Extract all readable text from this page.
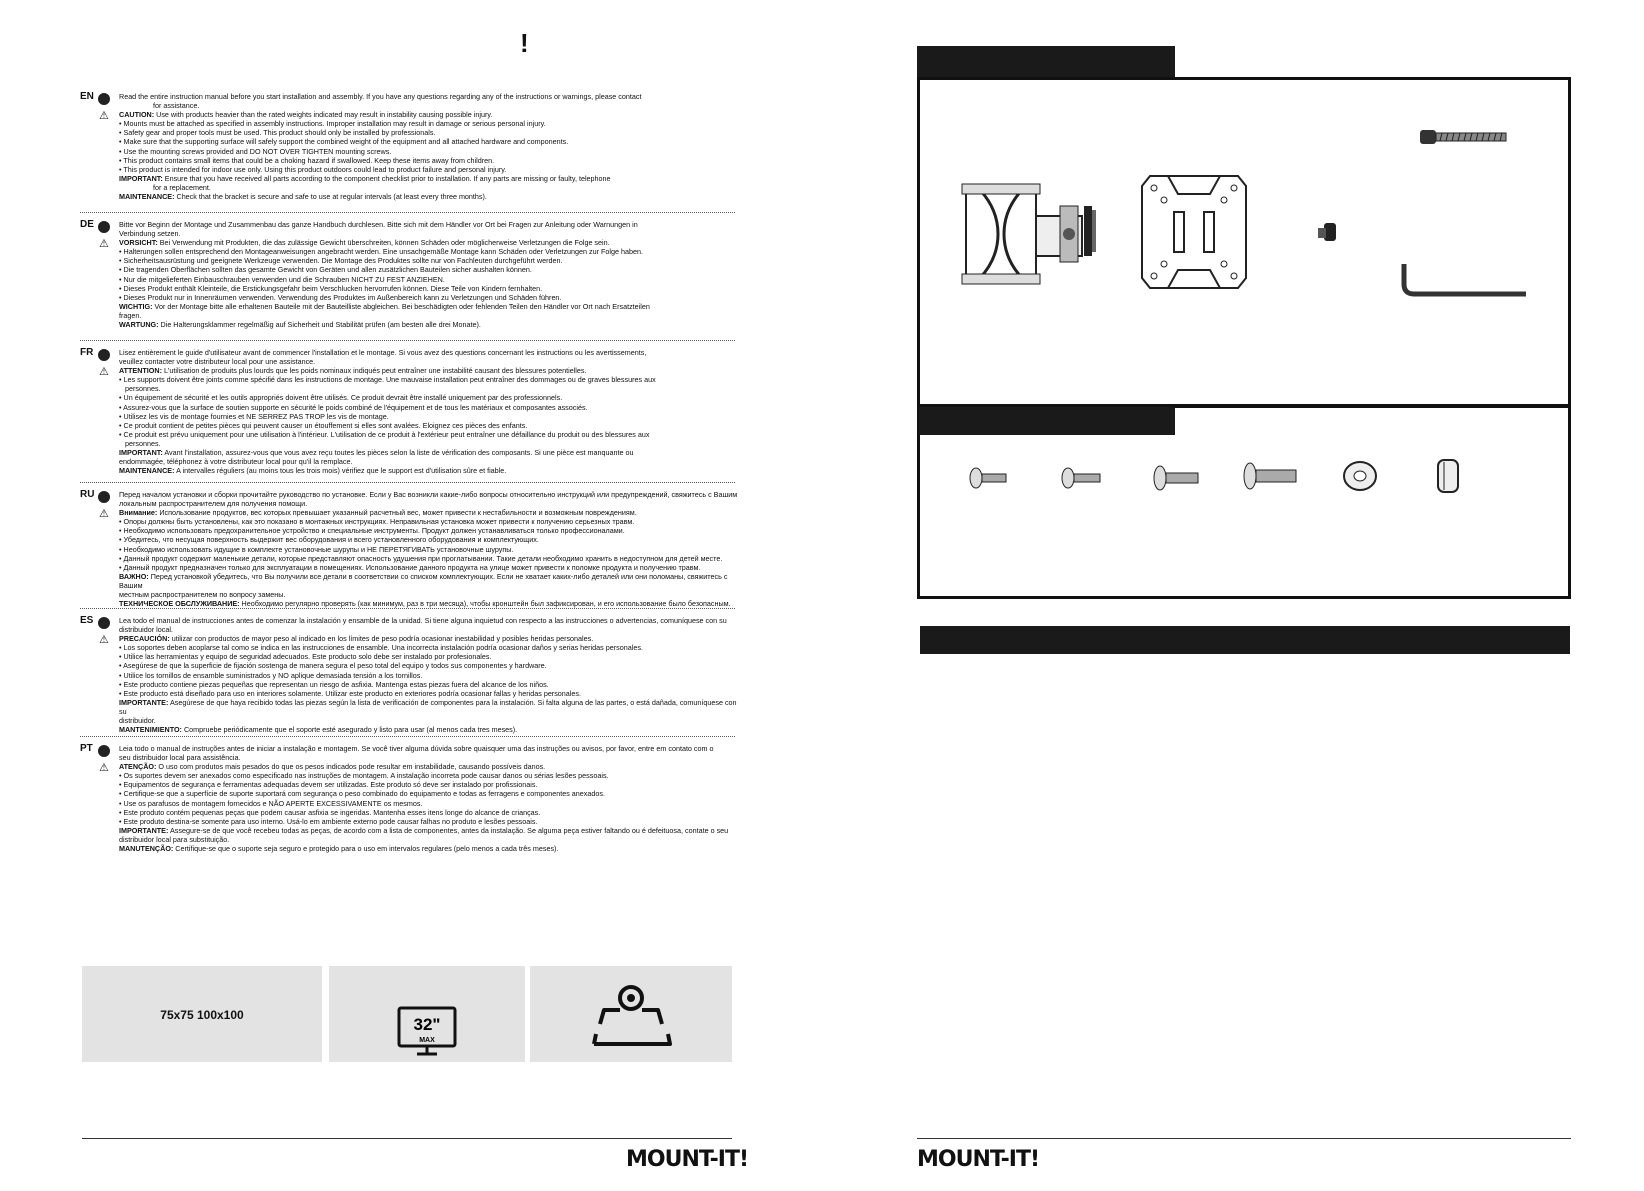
!
EN
⚠

Read the entire instruction manual before you start installation and assembly. If you have any questions regarding any of the instructions or warnings, please contact

for assistance.

CAUTION: Use with products heavier than the rated weights indicated may result in instability causing possible injury.

• Mounts must be attached as specified in assembly instructions. Improper installation may result in damage or serious personal injury.

• Safety gear and proper tools must be used. This product should only be installed by professionals.

• Make sure that the supporting surface will safely support the combined weight of the equipment and all attached hardware and components.

• Use the mounting screws provided and DO NOT OVER TIGHTEN mounting screws.

• This product contains small items that could be a choking hazard if swallowed. Keep these items away from children.

• This product is intended for indoor use only. Using this product outdoors could lead to product failure and personal injury.

IMPORTANT: Ensure that you have received all parts according to the component checklist prior to installation. If any parts are missing or faulty, telephone

for a replacement.

MAINTENANCE: Check that the bracket is secure and safe to use at regular intervals (at least every three months).

DE
⚠

Bitte vor Beginn der Montage und Zusammenbau das ganze Handbuch durchlesen. Bitte sich mit dem Händler vor Ort bei Fragen zur Anleitung oder Warnungen in

Verbindung setzen.

VORSICHT: Bei Verwendung mit Produkten, die das zulässige Gewicht überschreiten, können Schäden oder möglicherweise Verletzungen die Folge sein.

• Halterungen sollen entsprechend den Montageanweisungen angebracht werden. Eine unsachgemäße Montage kann Schäden oder Verletzungen zur Folge haben.

• Sicherheitsausrüstung und geeignete Werkzeuge verwenden. Die Montage des Produktes sollte nur von Fachleuten durchgeführt werden.

• Die tragenden Oberflächen sollten das gesamte Gewicht von Geräten und allen zusätzlichen Bauteilen sicher aushalten können.

• Nur die mitgelieferten Einbauschrauben verwenden und die Schrauben NICHT ZU FEST ANZIEHEN.

• Dieses Produkt enthält Kleinteile, die Erstickungsgefahr beim Verschlucken hervorrufen können. Diese Teile von Kindern fernhalten.

• Dieses Produkt nur in Innenräumen verwenden. Verwendung des Produktes im Außenbereich kann zu Verletzungen und Schäden führen.

WICHTIG: Vor der Montage bitte alle erhaltenen Bauteile mit der Bauteilliste abgleichen. Bei beschädigten oder fehlenden Teilen den Händler vor Ort nach Ersatzteilen

fragen.

WARTUNG: Die Halterungsklammer regelmäßig auf Sicherheit und Stabilität prüfen (am besten alle drei Monate).

FR
⚠

Lisez entièrement le guide d'utilisateur avant de commencer l'installation et le montage. Si vous avez des questions concernant les instructions ou les avertissements,

veuillez contacter votre distributeur local pour une assistance.

ATTENTION: L'utilisation de produits plus lourds que les poids nominaux indiqués peut entraîner une instabilité causant des blessures potentielles.

• Les supports doivent être joints comme spécifié dans les instructions de montage. Une mauvaise installation peut entraîner des dommages ou de graves blessures aux

personnes.

• Un équipement de sécurité et les outils appropriés doivent être utilisés. Ce produit devrait être installé uniquement par des professionnels.

• Assurez-vous que la surface de soutien supporte en sécurité le poids combiné de l'équipement et de tous les matériaux et composantes associés.

• Utilisez les vis de montage fournies et NE SERREZ PAS TROP les vis de montage.

• Ce produit contient de petites pièces qui peuvent causer un étouffement si elles sont avalées. Eloignez ces pièces des enfants.

• Ce produit est prévu uniquement pour une utilisation à l'intérieur. L'utilisation de ce produit à l'extérieur peut entraîner une défaillance du produit ou des blessures aux

personnes.

IMPORTANT: Avant l'installation, assurez-vous que vous avez reçu toutes les pièces selon la liste de vérification des composants. Si une pièce est manquante ou

endommagée, téléphonez à votre distributeur local pour qu'il la remplace.

MAINTENANCE: A intervalles réguliers (au moins tous les trois mois) vérifiez que le support est d'utilisation sûre et fiable.

RU
⚠

Перед началом установки и сборки прочитайте руководство по установке. Если у Вас возникли какие-либо вопросы относительно инструкций или предупреждений, свяжитесь с Вашим

локальным распространителем для получения помощи.

Внимание: Использование продуктов, вес которых превышает указанный расчетный вес, может привести к нестабильности и возможным повреждениям.

• Опоры должны быть установлены, как это показано в монтажных инструкциях. Неправильная установка может привести к получению серьезных травм.

• Необходимо использовать предохранительное устройство и специальные инструменты. Продукт должен устанавливаться только профессионалами.

• Убедитесь, что несущая поверхность выдержит вес оборудования и всего установленного оборудования и комплектующих.

• Необходимо использовать идущие в комплекте установочные шурупы и НЕ ПЕРЕТЯГИВАТЬ установочные шурупы.

• Данный продукт содержит маленькие детали, которые представляют опасность удушения при проглатывании. Такие детали необходимо хранить в недоступном для детей месте.

• Данный продукт предназначен только для эксплуатации в помещениях. Использование данного продукта на улице может привести к поломке продукта и получению травм.

ВАЖНО: Перед установкой убедитесь, что Вы получили все детали в соответствии со списком комплектующих. Если не хватает каких-либо деталей или они поломаны, свяжитесь с Вашим

местным распространителем по вопросу замены.

ТЕХНИЧЕСКОЕ ОБСЛУЖИВАНИЕ: Необходимо регулярно проверять (как минимум, раз в три месяца), чтобы кронштейн был зафиксирован, и его использование было безопасным.

ES
⚠

Lea todo el manual de instrucciones antes de comenzar la instalación y ensamble de la unidad. Si tiene alguna inquietud con respecto a las instrucciones o advertencias, comuníquese con su

distribuidor local.

PRECAUCIÓN: utilizar con productos de mayor peso al indicado en los límites de peso podría ocasionar inestabilidad y posibles heridas personales.

• Los soportes deben acoplarse tal como se indica en las instrucciones de ensamble. Una incorrecta instalación podría ocasionar daños y serias heridas personales.

• Utilice las herramientas y equipo de seguridad adecuados. Este producto solo debe ser instalado por profesionales.

• Asegúrese de que la superficie de fijación sostenga de manera segura el peso total del equipo y todos sus componentes y hardware.

• Utilice los tornillos de ensamble suministrados y NO aplique demasiada tensión a los tornillos.

• Este producto contiene piezas pequeñas que representan un riesgo de asfixia. Mantenga estas piezas fuera del alcance de los niños.

• Este producto está diseñado para uso en interiores solamente. Utilizar este producto en exteriores podría ocasionar fallas y heridas personales.

IMPORTANTE: Asegúrese de que haya recibido todas las piezas según la lista de verificación de componentes para la instalación. Si falta alguna de las partes, o está dañada, comuníquese con su

distribuidor.

MANTENIMIENTO: Compruebe periódicamente que el soporte esté asegurado y listo para usar (al menos cada tres meses).

PT
⚠

Leia todo o manual de instruções antes de iniciar a instalação e montagem. Se você tiver alguma dúvida sobre quaisquer uma das instruções ou avisos, por favor, entre em contato com o

seu distribuidor local para assistência.

ATENÇÃO: O uso com produtos mais pesados do que os pesos indicados pode resultar em instabilidade, causando possíveis danos.

• Os suportes devem ser anexados como especificado nas instruções de montagem. A instalação incorreta pode causar danos ou sérias lesões pessoais.

• Equipamentos de segurança e ferramentas adequadas devem ser utilizadas. Este produto só deve ser instalado por profissionais.

• Certifique-se que a superfície de suporte suportará com segurança o peso combinado do equipamento e todas as ferragens e componentes anexados.

• Use os parafusos de montagem fornecidos e NÃO APERTE EXCESSIVAMENTE os mesmos.

• Este produto contém pequenas peças que podem causar asfixia se ingeridas. Mantenha esses itens longe do alcance de crianças.

• Este produto destina-se somente para uso interno. Usá-lo em ambiente externo pode causar falhas no produto e lesões pessoais.

IMPORTANTE: Assegure-se de que você recebeu todas as peças, de acordo com a lista de componentes, antes da instalação. Se alguma peça estiver faltando ou é defeituosa, contate o seu

distribuidor local para substituição.

MANUTENÇÃO: Certifique-se que o suporte seja seguro e protegido para o uso em intervalos regulares (pelo menos a cada três meses).

75x75 100x100	32"
MAX
MOUNT-IT!	MOUNT-IT!
